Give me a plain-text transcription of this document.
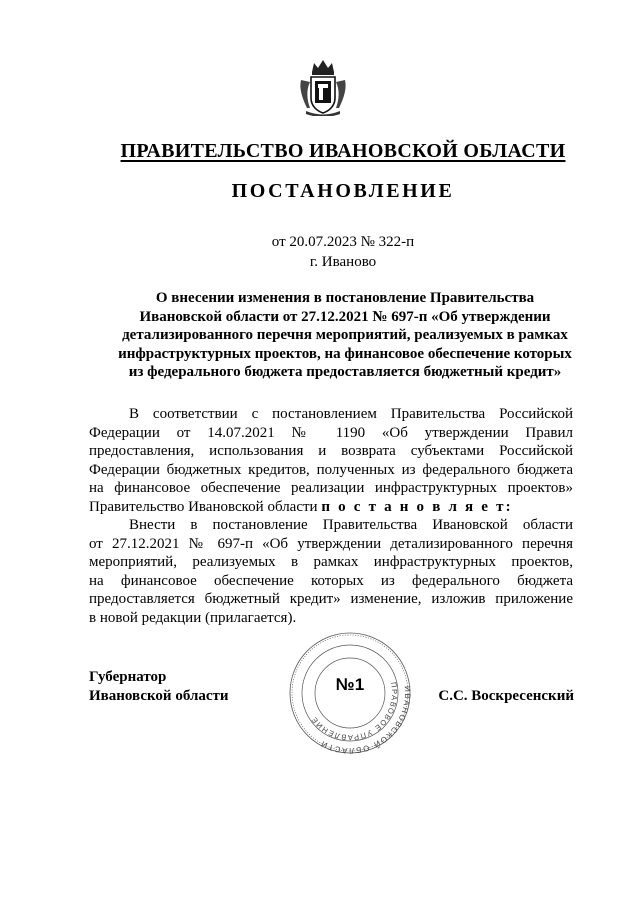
ПРАВИТЕЛЬСТВО ИВАНОВСКОЙ ОБЛАСТИ
ПОСТАНОВЛЕНИЕ
от 20.07.2023 № 322-п
г. Иваново
О внесении изменения в постановление Правительства
Ивановской области от 27.12.2021 № 697-п «Об утверждении
детализированного перечня мероприятий, реализуемых в рамках
инфраструктурных проектов, на финансовое обеспечение которых
из федерального бюджета предоставляется бюджетный кредит»
В соответствии с постановлением Правительства Российской
Федерации от 14.07.2021 № 1190 «Об утверждении Правил
предоставления, использования и возврата субъектами Российской
Федерации бюджетных кредитов, полученных из федерального бюджета
на финансовое обеспечение реализации инфраструктурных проектов»
Правительство Ивановской области п о с т а н о в л я е т:
Внести в постановление Правительства Ивановской области
от 27.12.2021 № 697-п «Об утверждении детализированного перечня
мероприятий, реализуемых в рамках инфраструктурных проектов,
на финансовое обеспечение которых из федерального бюджета
предоставляется бюджетный кредит» изменение, изложив приложение
в новой редакции (прилагается).
Губернатор
Ивановской области	ИВАНОВСКОЙ ОБЛАСТИ
ПРАВОВОЕ УПРАВЛЕНИЕ
№1
С.С. Воскресенский
